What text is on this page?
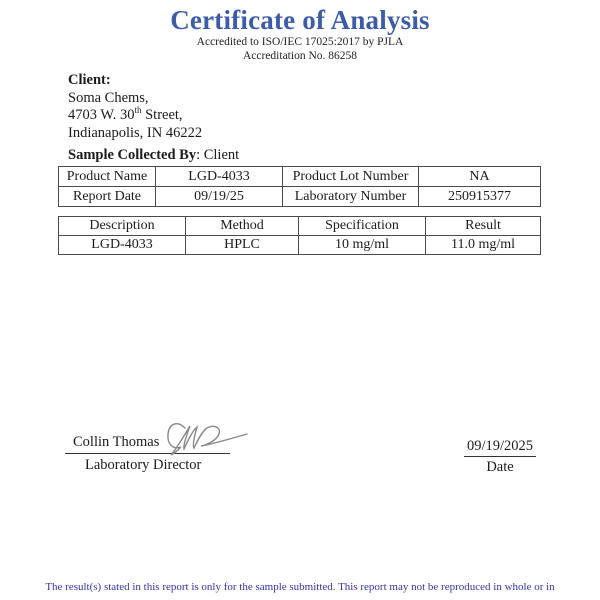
Certificate of Analysis
Accredited to ISO/IEC 17025:2017 by PJLA
Accreditation No. 86258
Client:
Soma Chems,
4703 W. 30th Street,
Indianapolis, IN 46222
Sample Collected By: Client
Product Name	LGD-4033	Product Lot Number	NA
Report Date	09/19/25	Laboratory Number	250915377
Description	Method	Specification	Result
LGD-4033	HPLC	10 mg/ml	11.0 mg/ml
Collin Thomas
Laboratory Director
09/19/2025
Date
The result(s) stated in this report is only for the sample submitted. This report may not be reproduced in whole or in
